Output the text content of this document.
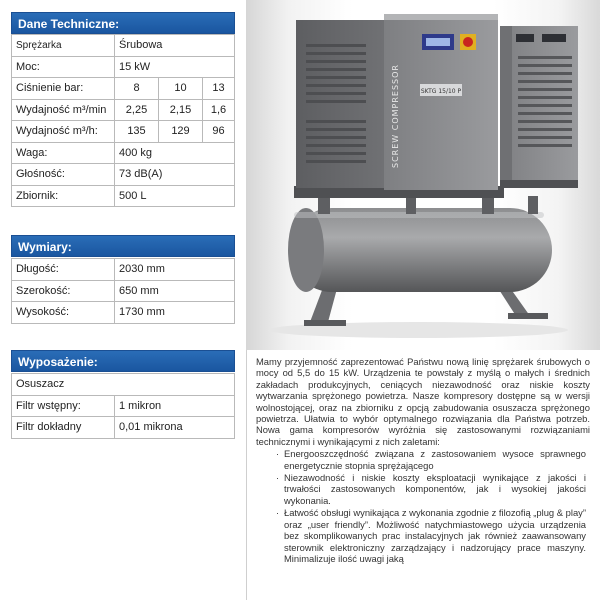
Dane Techniczne:
Sprężarka	Śrubowa		
Moc:	15 kW		
Ciśnienie bar:	8	10	13
Wydajność m³/min	2,25	2,15	1,6
Wydajność m³/h:	135	129	96
Waga:	400 kg		
Głośność:	73 dB(A)		
Zbiornik:	500 L		
Wymiary:
Długość:	2030 mm
Szerokość:	650 mm
Wysokość:	1730 mm
Wyposażenie:
Osuszacz	
Filtr wstępny:	1 mikron
Filtr dokładny	0,01 mikrona
SKTG 15/10 P
SCREW COMPRESSOR

Mamy przyjemność zaprezentować Państwu nową linię sprężarek śrubowych o mocy od 5,5 do 15 kW. Urządzenia te powstały z myślą o małych i średnich zakładach produkcyjnych, ceniących niezawodność oraz niskie koszty wytwarzania sprężonego powietrza. Nasze kompresory dostępne są w wersji wolnostojącej, oraz na zbiorniku z opcją zabudowania osuszacza sprężonego powietrza. Ułatwia to wybór optymalnego rozwiązania dla Państwa potrzeb. Nowa gama kompresorów wyróżnia się zastosowanymi rozwiązaniami technicznymi i wynikającymi z nich zaletami:

· Energooszczędność związana z zastosowaniem wysoce sprawnego energetycznie stopnia sprężającego
· Niezawodność i niskie koszty eksploatacji wynikające z jakości i trwałości zastosowanych komponentów, jak i wysokiej jakości wykonania.
· Łatwość obsługi wynikająca z wykonania zgodnie z filozofią „plug & play” oraz „user friendly”. Możliwość natychmiastowego użycia urządzenia bez skomplikowanych prac instalacyjnych jak również zaawansowany sterownik elektroniczny zarządzający i nadzorujący prace maszyny. Minimalizuje ilość uwagi jaką
